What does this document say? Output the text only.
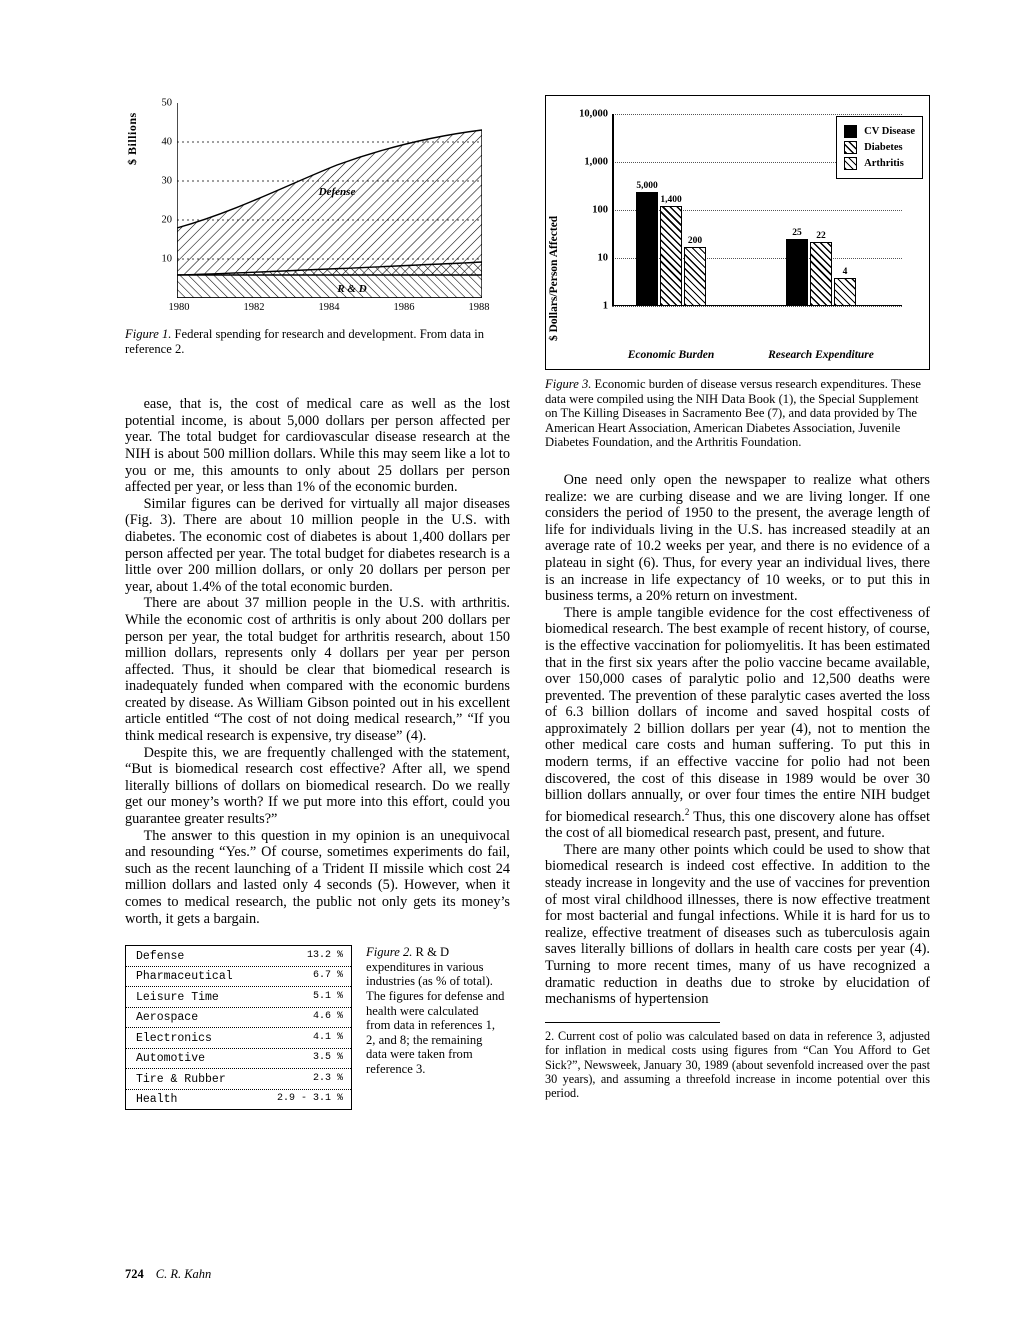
$ Billions
Defense
R & D
50
40
30
20
10
1980	1982	1984	1986	1988

Figure 1. Federal spending for research and development. From data in reference 2.

ease, that is, the cost of medical care as well as the lost potential income, is about 5,000 dollars per person affected per year. The total budget for cardiovascular disease research at the NIH is about 500 million dollars. While this may seem like a lot to you or me, this amounts to only about 25 dollars per person affected per year, or less than 1% of the economic burden.

Similar figures can be derived for virtually all major diseases (Fig. 3). There are about 10 million people in the U.S. with diabetes. The economic cost of diabetes is about 1,400 dollars per person affected per year. The total budget for diabetes research is a little over 200 million dollars, or only 20 dollars per person per year, about 1.4% of the total economic burden.

There are about 37 million people in the U.S. with arthritis. While the economic cost of arthritis is only about 200 dollars per person per year, the total budget for arthritis research, about 150 million dollars, represents only 4 dollars per year per person affected. Thus, it should be clear that biomedical research is inadequately funded when compared with the economic burdens created by disease. As William Gibson pointed out in his excellent article entitled “The cost of not doing medical research,” “If you think medical research is expensive, try disease” (4).

Despite this, we are frequently challenged with the statement, “But is biomedical research cost effective? After all, we spend literally billions of dollars on biomedical research. Do we really get our money’s worth? If we put more into this effort, could you guarantee greater results?”

The answer to this question in my opinion is an unequivocal and resounding “Yes.” Of course, sometimes experiments do fail, such as the recent launching of a Trident II missile which cost 24 million dollars and lasted only 4 seconds (5). However, when it comes to medical research, the public not only gets its money’s worth, it gets a bargain.

Defense	13.2 %
Pharmaceutical	6.7 %
Leisure Time	5.1 %
Aerospace	4.6 %
Electronics	4.1 %
Automotive	3.5 %
Tire & Rubber	2.3 %
Health	2.9 - 3.1 %
Figure 2. R & D expenditures in various industries (as % of total). The figures for defense and health were calculated from data in references 1, 2, and 8; the remaining data were taken from reference 3.
$ Dollars/Person Affected
10,000
1,000
100
10
1
5,000
1,400
200
25 22
4
CV Disease
Diabetes
Arthritis
Economic Burden	Research Expenditure

Figure 3. Economic burden of disease versus research expenditures. These data were compiled using the NIH Data Book (1), the Special Supplement on The Killing Diseases in Sacramento Bee (7), and data provided by The American Heart Association, American Diabetes Association, Juvenile Diabetes Foundation, and the Arthritis Foundation.

One need only open the newspaper to realize what others realize: we are curbing disease and we are living longer. If one considers the period of 1950 to the present, the average length of life for individuals living in the U.S. has increased steadily at an average rate of 10.2 weeks per year, and there is no evidence of a plateau in sight (6). Thus, for every year an individual lives, there is an increase in life expectancy of 10 weeks, or to put this in business terms, a 20% return on investment.

There is ample tangible evidence for the cost effectiveness of biomedical research. The best example of recent history, of course, is the effective vaccination for poliomyelitis. It has been estimated that in the first six years after the polio vaccine became available, over 150,000 cases of paralytic polio and 12,500 deaths were prevented. The prevention of these paralytic cases averted the loss of 6.3 billion dollars of income and saved hospital costs of approximately 2 billion dollars per year (4), not to mention the other medical care costs and human suffering. To put this in modern terms, if an effective vaccine for polio had not been discovered, the cost of this disease in 1989 would be over 30 billion dollars annually, or over four times the entire NIH budget for biomedical research.$^2$ Thus, this one discovery alone has offset the cost of all biomedical research past, present, and future.

There are many other points which could be used to show that biomedical research is indeed cost effective. In addition to the steady increase in longevity and the use of vaccines for prevention of most viral childhood illnesses, there is now effective treatment for most bacterial and fungal infections. While it is hard for us to realize, effective treatment of diseases such as tuberculosis again saves literally billions of dollars in health care costs per year (4). Turning to more recent times, many of us have recognized a dramatic reduction in deaths due to stroke by elucidation of mechanisms of hypertension

2. Current cost of polio was calculated based on data in reference 3, adjusted for inflation in medical costs using figures from “Can You Afford to Get Sick?”, Newsweek, January 30, 1989 (about sevenfold increased over the past 30 years), and assuming a threefold increase in income potential over this period.

724 C. R. Kahn
